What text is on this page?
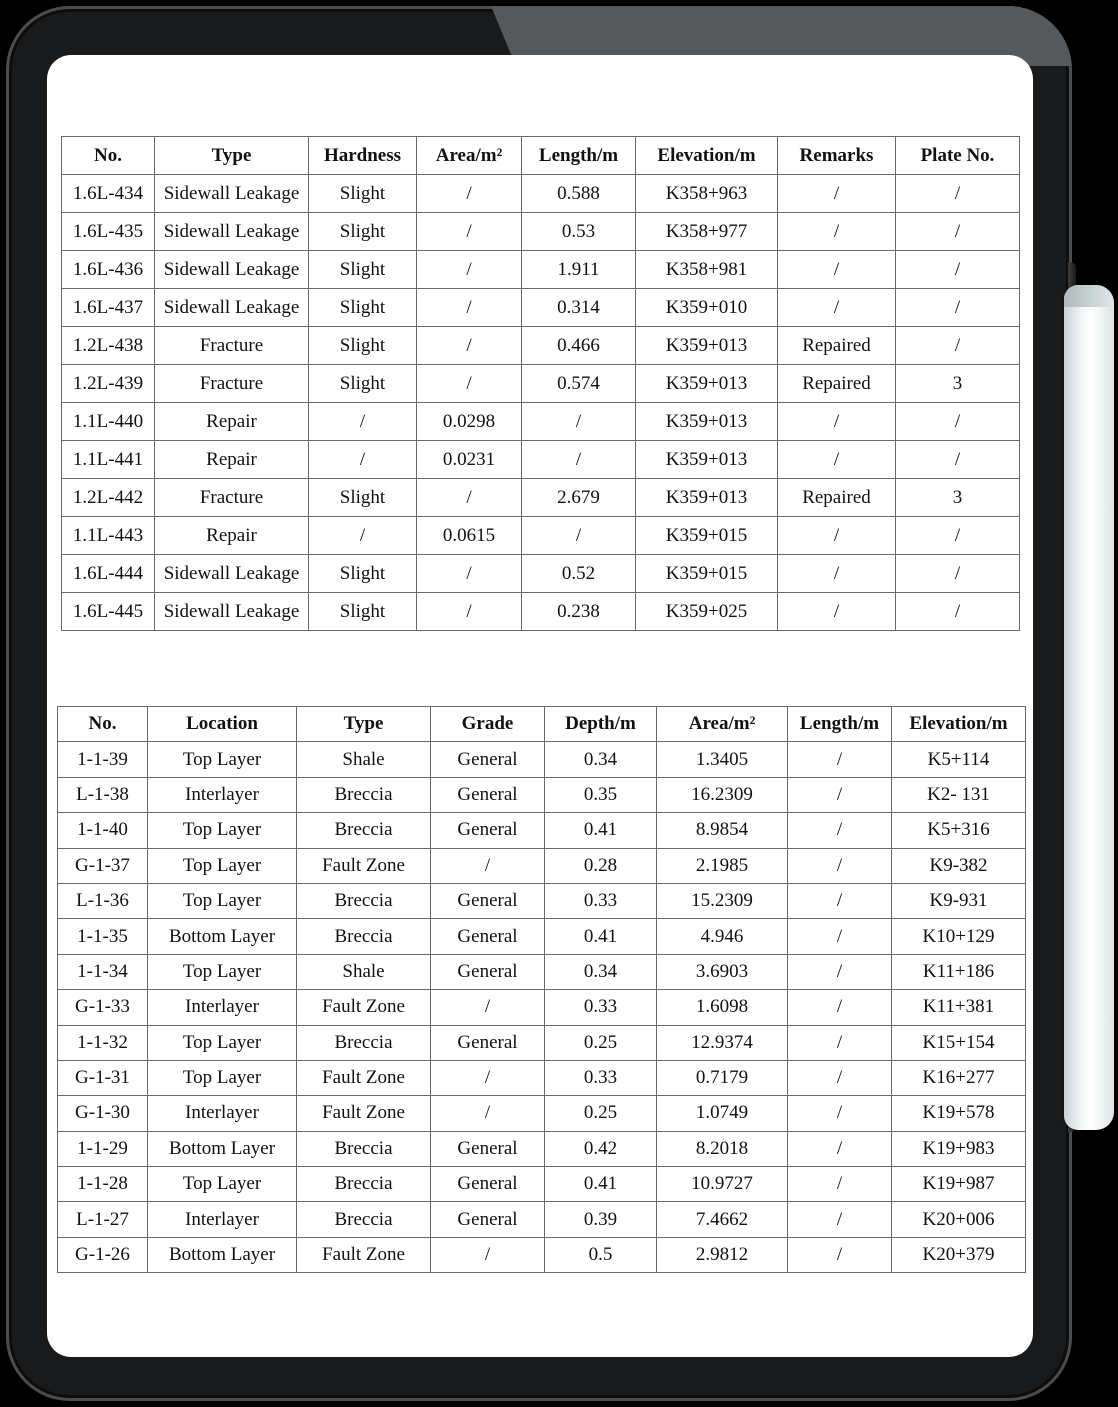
No.	Type	Hardness	Area/m²	Length/m	Elevation/m	Remarks	Plate No.
1.6L-434	Sidewall Leakage	Slight	/	0.588	K358+963	/	/
1.6L-435	Sidewall Leakage	Slight	/	0.53	K358+977	/	/
1.6L-436	Sidewall Leakage	Slight	/	1.911	K358+981	/	/
1.6L-437	Sidewall Leakage	Slight	/	0.314	K359+010	/	/
1.2L-438	Fracture	Slight	/	0.466	K359+013	Repaired	/
1.2L-439	Fracture	Slight	/	0.574	K359+013	Repaired	3
1.1L-440	Repair	/	0.0298	/	K359+013	/	/
1.1L-441	Repair	/	0.0231	/	K359+013	/	/
1.2L-442	Fracture	Slight	/	2.679	K359+013	Repaired	3
1.1L-443	Repair	/	0.0615	/	K359+015	/	/
1.6L-444	Sidewall Leakage	Slight	/	0.52	K359+015	/	/
1.6L-445	Sidewall Leakage	Slight	/	0.238	K359+025	/	/
No.	Location	Type	Grade	Depth/m	Area/m²	Length/m	Elevation/m
1-1-39	Top Layer	Shale	General	0.34	1.3405	/	K5+114
L-1-38	Interlayer	Breccia	General	0.35	16.2309	/	K2- 131
1-1-40	Top Layer	Breccia	General	0.41	8.9854	/	K5+316
G-1-37	Top Layer	Fault Zone	/	0.28	2.1985	/	K9-382
L-1-36	Top Layer	Breccia	General	0.33	15.2309	/	K9-931
1-1-35	Bottom Layer	Breccia	General	0.41	4.946	/	K10+129
1-1-34	Top Layer	Shale	General	0.34	3.6903	/	K11+186
G-1-33	Interlayer	Fault Zone	/	0.33	1.6098	/	K11+381
1-1-32	Top Layer	Breccia	General	0.25	12.9374	/	K15+154
G-1-31	Top Layer	Fault Zone	/	0.33	0.7179	/	K16+277
G-1-30	Interlayer	Fault Zone	/	0.25	1.0749	/	K19+578
1-1-29	Bottom Layer	Breccia	General	0.42	8.2018	/	K19+983
1-1-28	Top Layer	Breccia	General	0.41	10.9727	/	K19+987
L-1-27	Interlayer	Breccia	General	0.39	7.4662	/	K20+006
G-1-26	Bottom Layer	Fault Zone	/	0.5	2.9812	/	K20+379
